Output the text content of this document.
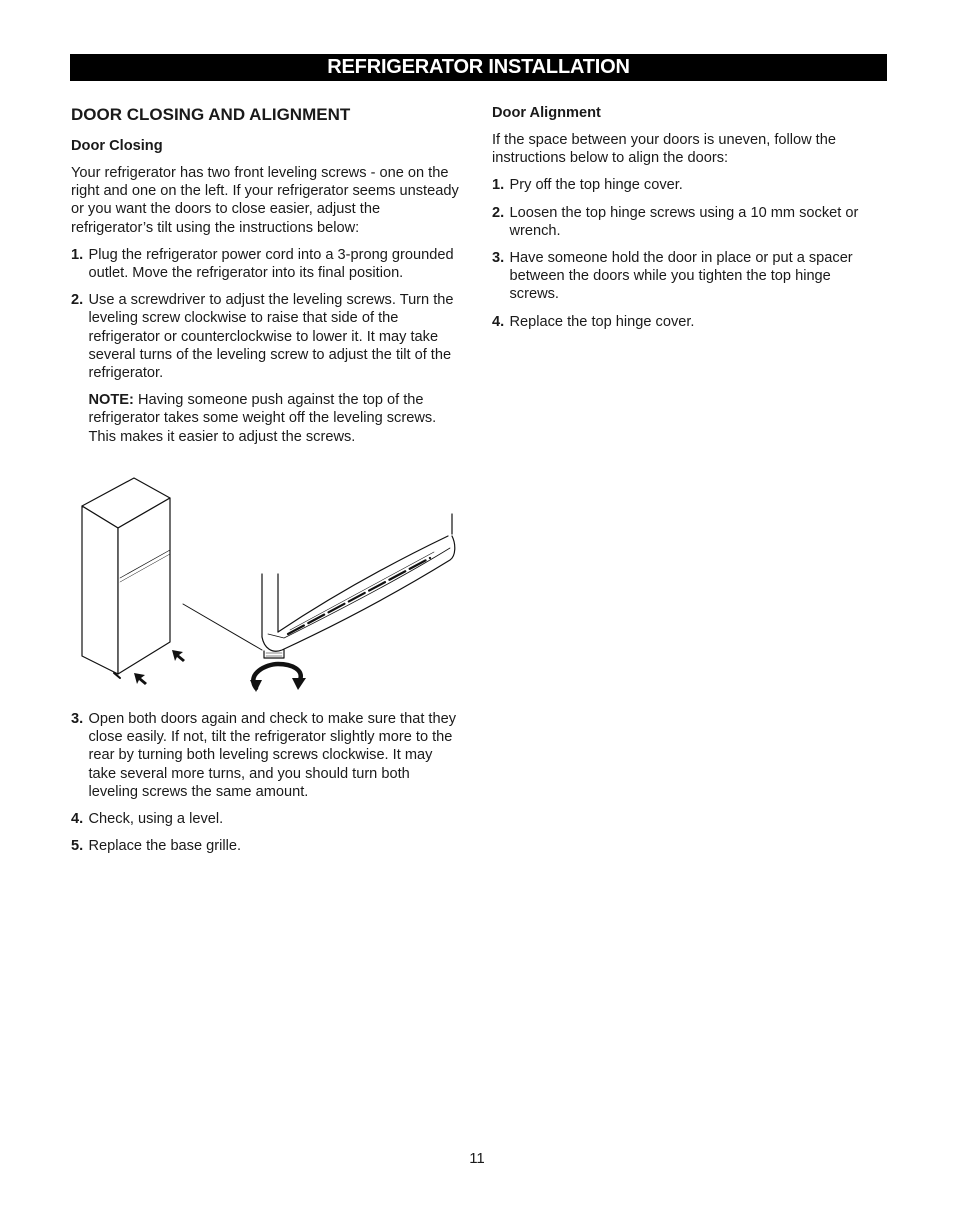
REFRIGERATOR INSTALLATION
DOOR CLOSING AND ALIGNMENT
Door Closing

Your refrigerator has two front leveling screws - one on the right and one on the left. If your refrigerator seems unsteady or you want the doors to close easier, adjust the refrigerator’s tilt using the instructions below:

1. Plug the refrigerator power cord into a 3-prong grounded outlet. Move the refrigerator into its final position.
2. Use a screwdriver to adjust the leveling screws. Turn the leveling screw clockwise to raise that side of the refrigerator or counterclockwise to lower it. It may take several turns of the leveling screw to adjust the tilt of the refrigerator.

NOTE: Having someone push against the top of the refrigerator takes some weight off the leveling screws. This makes it easier to adjust the screws.

3. Open both doors again and check to make sure that they close easily. If not, tilt the refrigerator slightly more to the rear by turning both leveling screws clockwise. It may take several more turns, and you should turn both leveling screws the same amount.
4. Check, using a level.
5. Replace the base grille.
Door Alignment

If the space between your doors is uneven, follow the instructions below to align the doors:

1. Pry off the top hinge cover.
2. Loosen the top hinge screws using a 10 mm socket or wrench.
3. Have someone hold the door in place or put a spacer between the doors while you tighten the top hinge screws.
4. Replace the top hinge cover.
11
